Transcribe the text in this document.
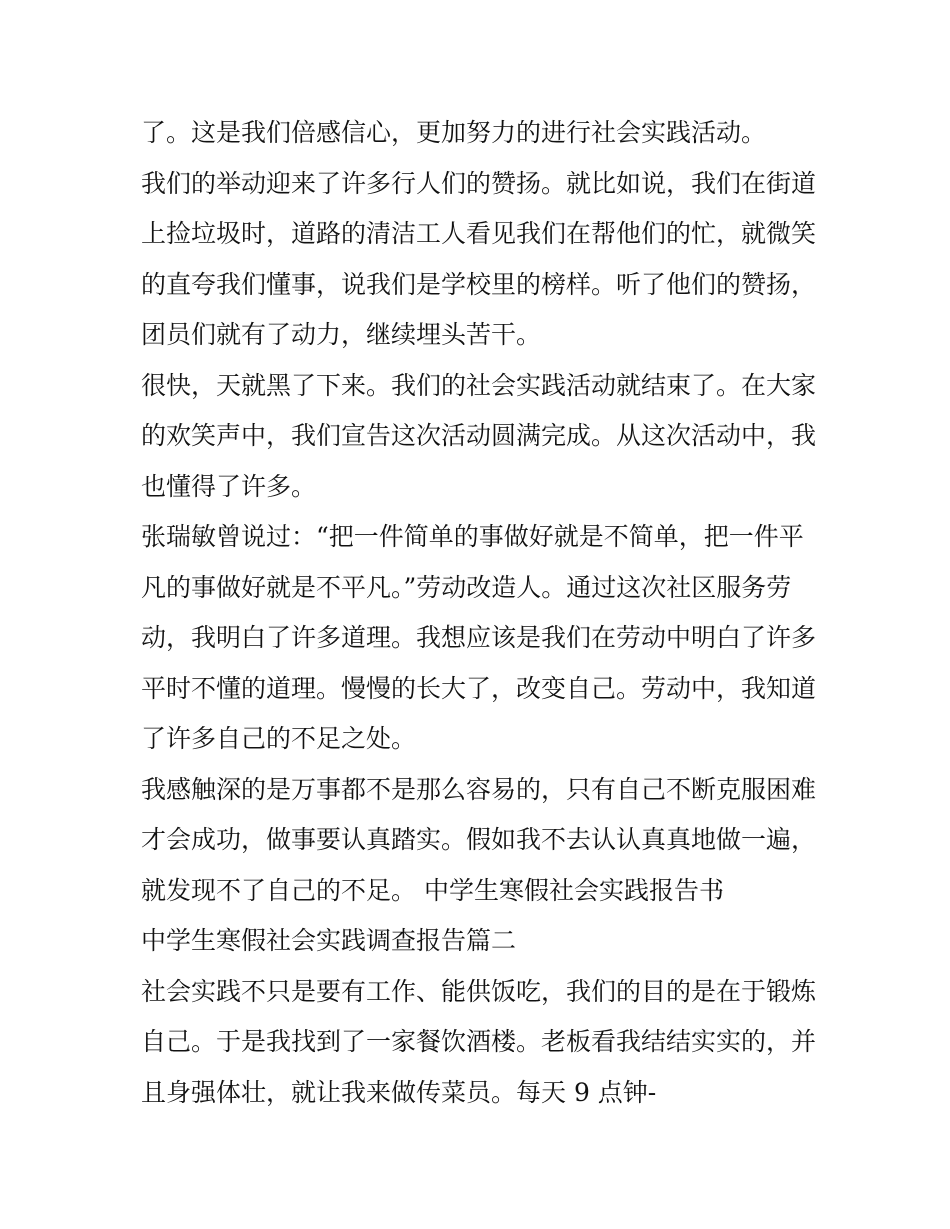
了。这是我们倍感信心，更加努力的进行社会实践活动。
我们的举动迎来了许多行人们的赞扬。就比如说，我们在街道
上捡垃圾时，道路的清洁工人看见我们在帮他们的忙，就微笑
的直夸我们懂事，说我们是学校里的榜样。听了他们的赞扬，
团员们就有了动力，继续埋头苦干。
很快，天就黑了下来。我们的社会实践活动就结束了。在大家
的欢笑声中，我们宣告这次活动圆满完成。从这次活动中，我
也懂得了许多。
张瑞敏曾说过：“把一件简单的事做好就是不简单，把一件平
凡的事做好就是不平凡。”劳动改造人。通过这次社区服务劳
动，我明白了许多道理。我想应该是我们在劳动中明白了许多
平时不懂的道理。慢慢的长大了，改变自己。劳动中，我知道
了许多自己的不足之处。
我感触深的是万事都不是那么容易的，只有自己不断克服困难
才会成功，做事要认真踏实。假如我不去认认真真地做一遍，
就发现不了自己的不足。 中学生寒假社会实践报告书
中学生寒假社会实践调查报告篇二
社会实践不只是要有工作、能供饭吃，我们的目的是在于锻炼
自己。于是我找到了一家餐饮酒楼。老板看我结结实实的，并
且身强体壮，就让我来做传菜员。每天 9 点钟-
